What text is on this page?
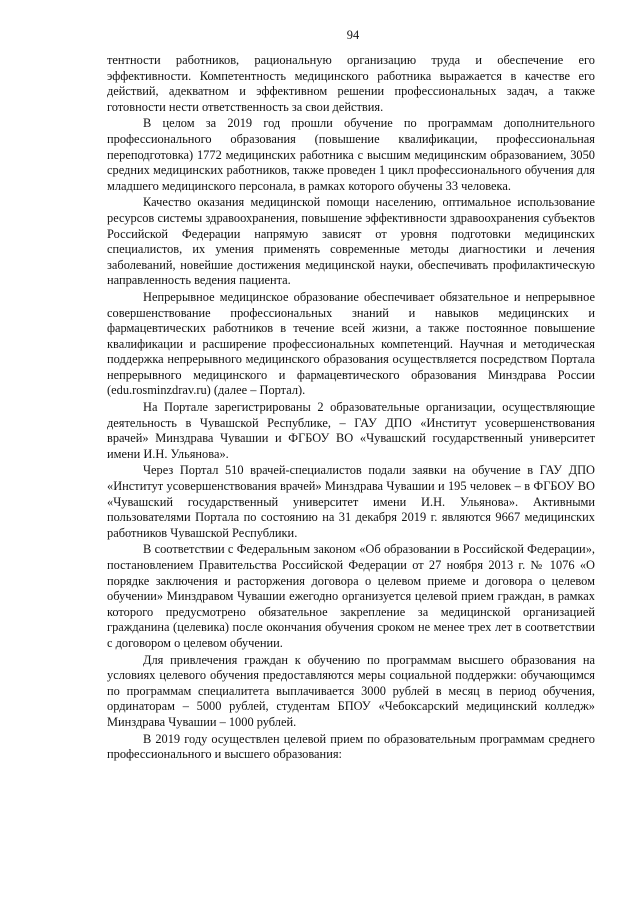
94

тентности работников, рациональную организацию труда и обеспечение его эффективности. Компетентность медицинского работника выражается в качестве его действий, адекватном и эффективном решении профессиональных задач, а также готовности нести ответственность за свои действия.

В целом за 2019 год прошли обучение по программам дополнительного профессионального образования (повышение квалификации, профессиональная переподготовка) 1772 медицинских работника с высшим медицинским образованием, 3050 средних медицинских работников, также проведен 1 цикл профессионального обучения для младшего медицинского персонала, в рамках которого обучены 33 человека.

Качество оказания медицинской помощи населению, оптимальное использование ресурсов системы здравоохранения, повышение эффективности здравоохранения субъектов Российской Федерации напрямую зависят от уровня подготовки медицинских специалистов, их умения применять современные методы диагностики и лечения заболеваний, новейшие достижения медицинской науки, обеспечивать профилактическую направленность ведения пациента.

Непрерывное медицинское образование обеспечивает обязательное и непрерывное совершенствование профессиональных знаний и навыков медицинских и фармацевтических работников в течение всей жизни, а также постоянное повышение квалификации и расширение профессиональных компетенций. Научная и методическая поддержка непрерывного медицинского образования осуществляется посредством Портала непрерывного медицинского и фармацевтического образования Минздрава России (edu.rosminzdrav.ru) (далее – Портал).

На Портале зарегистрированы 2 образовательные организации, осуществляющие деятельность в Чувашской Республике, – ГАУ ДПО «Институт усовершенствования врачей» Минздрава Чувашии и ФГБОУ ВО «Чувашский государственный университет имени И.Н. Ульянова».

Через Портал 510 врачей-специалистов подали заявки на обучение в ГАУ ДПО «Институт усовершенствования врачей» Минздрава Чувашии и 195 человек – в ФГБОУ ВО «Чувашский государственный университет имени И.Н. Ульянова». Активными пользователями Портала по состоянию на 31 декабря 2019 г. являются 9667 медицинских работников Чувашской Республики.

В соответствии с Федеральным законом «Об образовании в Российской Федерации», постановлением Правительства Российской Федерации от 27 ноября 2013 г. № 1076 «О порядке заключения и расторжения договора о целевом приеме и договора о целевом обучении» Минздравом Чувашии ежегодно организуется целевой прием граждан, в рамках которого предусмотрено обязательное закрепление за медицинской организацией гражданина (целевика) после окончания обучения сроком не менее трех лет в соответствии с договором о целевом обучении.

Для привлечения граждан к обучению по программам высшего образования на условиях целевого обучения предоставляются меры социальной поддержки: обучающимся по программам специалитета выплачивается 3000 рублей в месяц в период обучения, ординаторам – 5000 рублей, студентам БПОУ «Чебоксарский медицинский колледж» Минздрава Чувашии – 1000 рублей.

В 2019 году осуществлен целевой прием по образовательным программам среднего профессионального и высшего образования:
